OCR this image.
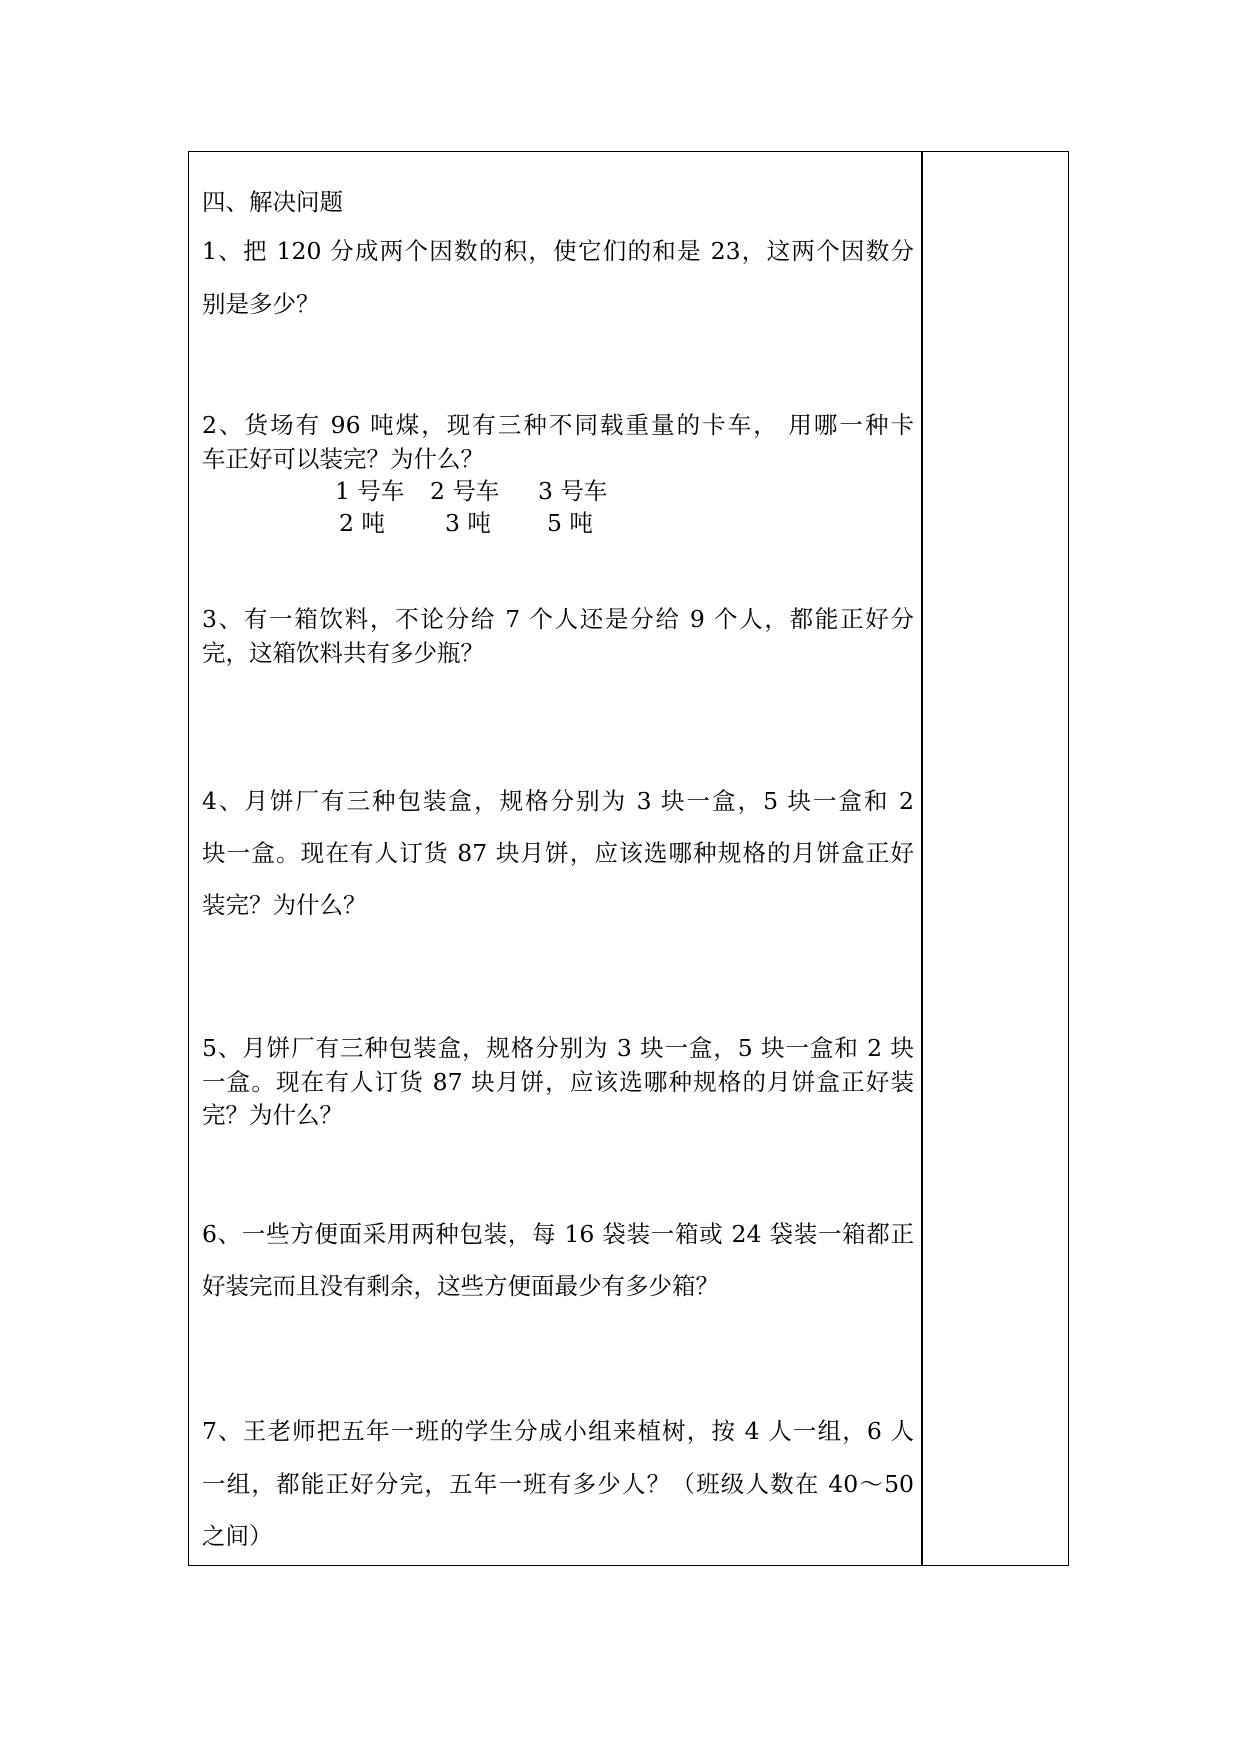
四、解决问题
1、把 120 分成两个因数的积，使它们的和是 23，这两个因数分
别是多少？
2、货场有 96 吨煤，现有三种不同载重量的卡车， 用哪一种卡
车正好可以装完？为什么？
1 号车 2 号车 3 号车
2 吨	3 吨 5 吨
3、有一箱饮料，不论分给 7 个人还是分给 9 个人，都能正好分
完，这箱饮料共有多少瓶？
4、月饼厂有三种包装盒，规格分别为 3 块一盒，5 块一盒和 2
块一盒。现在有人订货 87 块月饼，应该选哪种规格的月饼盒正好
装完？为什么？
5、月饼厂有三种包装盒，规格分别为 3 块一盒，5 块一盒和 2 块
一盒。现在有人订货 87 块月饼，应该选哪种规格的月饼盒正好装
完？为什么？
6、一些方便面采用两种包装，每 16 袋装一箱或 24 袋装一箱都正
好装完而且没有剩余，这些方便面最少有多少箱？
7、王老师把五年一班的学生分成小组来植树，按 4 人一组，6 人
一组，都能正好分完，五年一班有多少人？（班级人数在 40～50
之间）
